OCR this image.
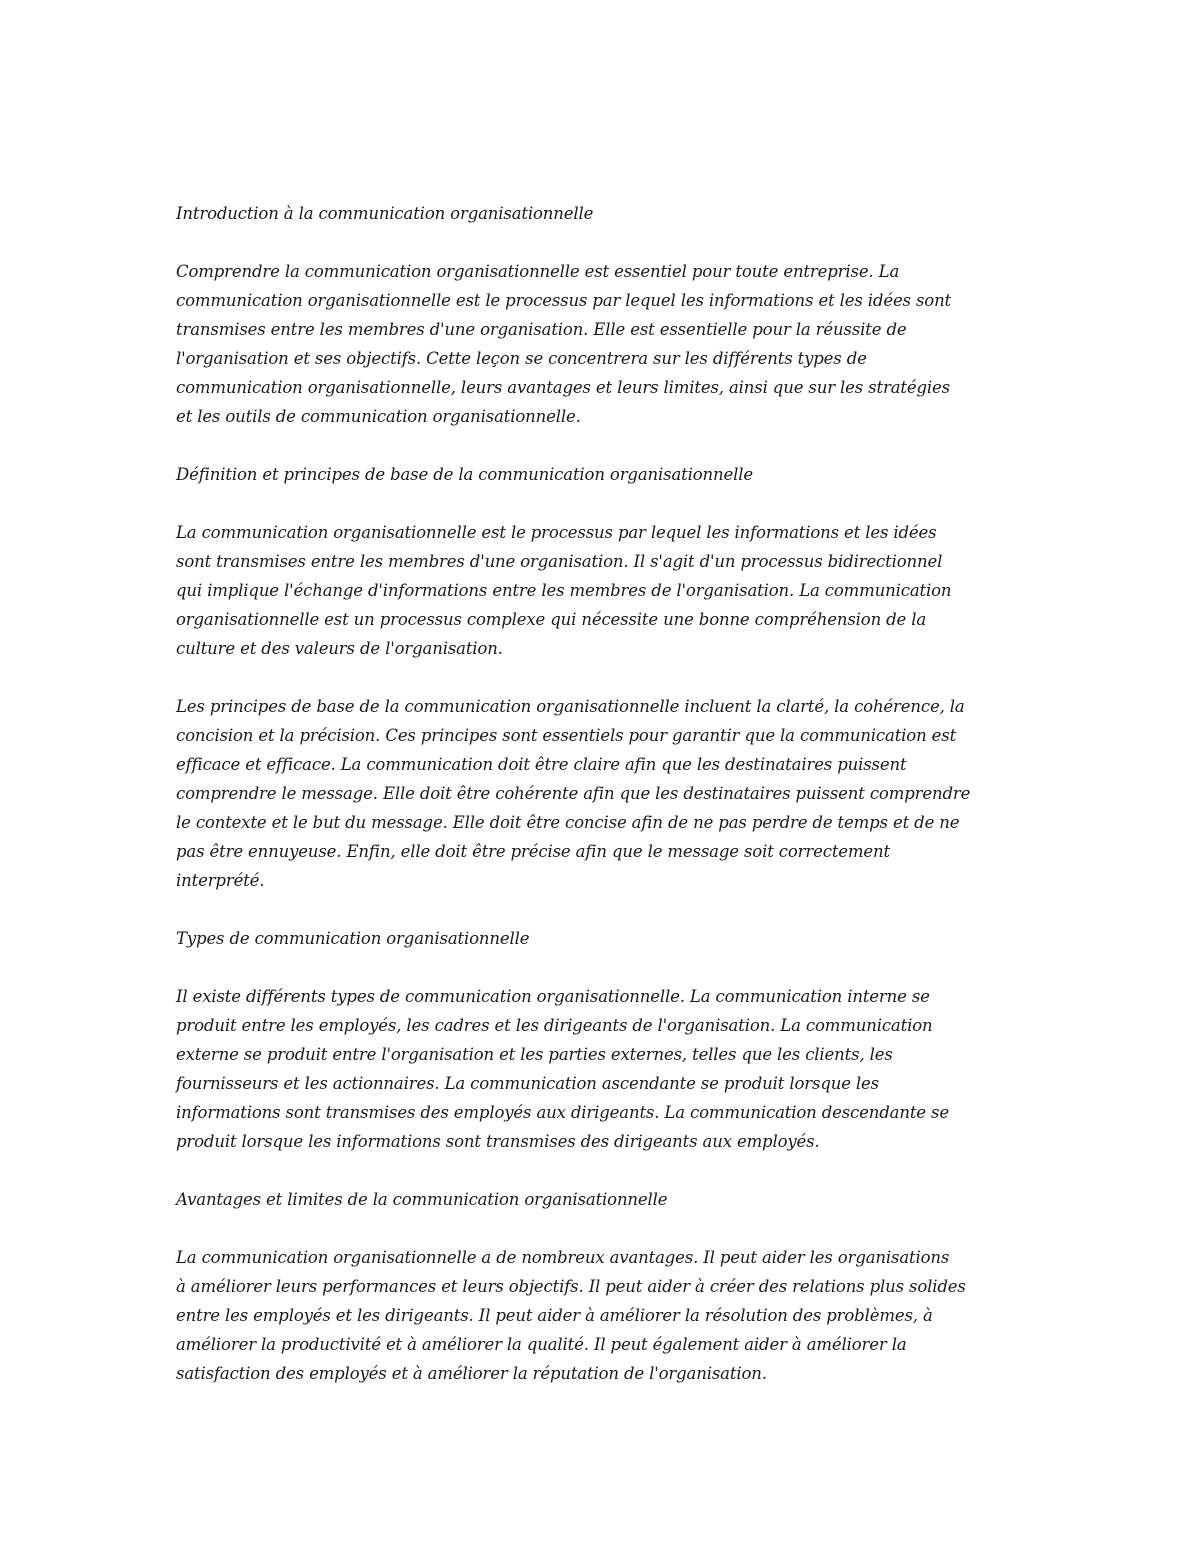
Introduction à la communication organisationnelle

Comprendre la communication organisationnelle est essentiel pour toute entreprise. La
communication organisationnelle est le processus par lequel les informations et les idées sont
transmises entre les membres d'une organisation. Elle est essentielle pour la réussite de
l'organisation et ses objectifs. Cette leçon se concentrera sur les différents types de
communication organisationnelle, leurs avantages et leurs limites, ainsi que sur les stratégies
et les outils de communication organisationnelle.

Définition et principes de base de la communication organisationnelle

La communication organisationnelle est le processus par lequel les informations et les idées
sont transmises entre les membres d'une organisation. Il s'agit d'un processus bidirectionnel
qui implique l'échange d'informations entre les membres de l'organisation. La communication
organisationnelle est un processus complexe qui nécessite une bonne compréhension de la
culture et des valeurs de l'organisation.

Les principes de base de la communication organisationnelle incluent la clarté, la cohérence, la
concision et la précision. Ces principes sont essentiels pour garantir que la communication est
efficace et efficace. La communication doit être claire afin que les destinataires puissent
comprendre le message. Elle doit être cohérente afin que les destinataires puissent comprendre
le contexte et le but du message. Elle doit être concise afin de ne pas perdre de temps et de ne
pas être ennuyeuse. Enfin, elle doit être précise afin que le message soit correctement
interprété.

Types de communication organisationnelle

Il existe différents types de communication organisationnelle. La communication interne se
produit entre les employés, les cadres et les dirigeants de l'organisation. La communication
externe se produit entre l'organisation et les parties externes, telles que les clients, les
fournisseurs et les actionnaires. La communication ascendante se produit lorsque les
informations sont transmises des employés aux dirigeants. La communication descendante se
produit lorsque les informations sont transmises des dirigeants aux employés.

Avantages et limites de la communication organisationnelle

La communication organisationnelle a de nombreux avantages. Il peut aider les organisations
à améliorer leurs performances et leurs objectifs. Il peut aider à créer des relations plus solides
entre les employés et les dirigeants. Il peut aider à améliorer la résolution des problèmes, à
améliorer la productivité et à améliorer la qualité. Il peut également aider à améliorer la
satisfaction des employés et à améliorer la réputation de l'organisation.
